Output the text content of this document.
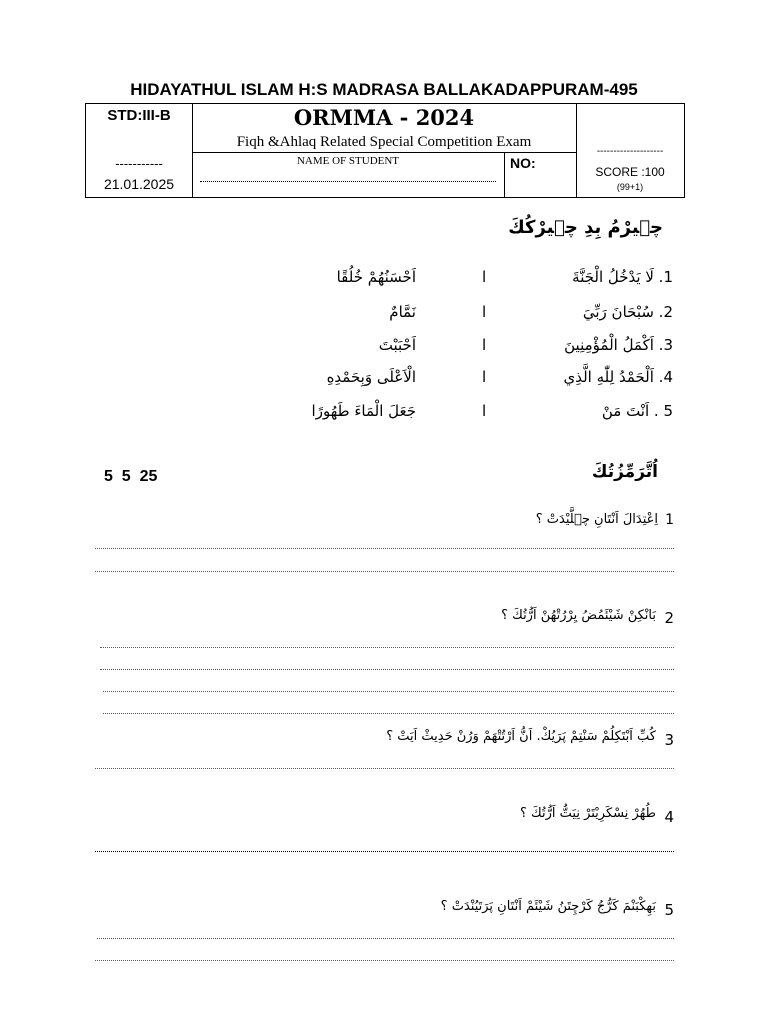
HIDAYATHUL ISLAM H:S MADRASA BALLAKADAPPURAM-495
STD:III-B
-----------
21.01.2025
ORMMA - 2024
Fiqh &Ahlaq Related Special Competition Exam
NAME OF STUDENT	NO:
--------------------
SCORE :100
(99+1)
چٜيرْمُ بِدِ چٜيرْكُكَ
1. لَا يَدْخُلُ الْجَنَّةَ
ا
اَحْسَنُهُمْ خُلُقًا
2. سُبْحَانَ رَبِّيَ
ا
نَمَّامٌ
3. اَكْمَلُ الْمُؤْمِنِينَ
ا
اَحْبَبْتَ
4. اَلْحَمْدُ لِلّٰهِ الَّذِي
ا
الْاَعْلَى وَبِحَمْدِهِ
5 . اَنْتَ مَنْ
ا
جَعَلَ الْمَاءَ طَهُورًا
5  5  25	اُتَّرَمِّزُتُكَ
1
اِعْتِدَالَ اَنْتَانِ چٜلَّيْدَتْ ؟
2
بَانْكِنْ شَيْئَمُضُ يِرْرُتْهُنْ اَرُّتُكَ ؟
3
كُبِّ اَبْتَكِلُمْ سَنْتِمْ پَرَيُكْ. اَنُّ اَرْتُتْهَمْ وَرُنْ حَدِيثْ اَيَتْ ؟
4
طُهُرْ نِسْكَرِيْتَرْ نِيَتُّ اَرُّتُكَ ؟
5
بَهِكْبَنْمَ كَرُّجُ كَرْچِتَنُ شَيْئَمْ اَنْتَانِ پَرَتَيُنْدَتْ ؟
